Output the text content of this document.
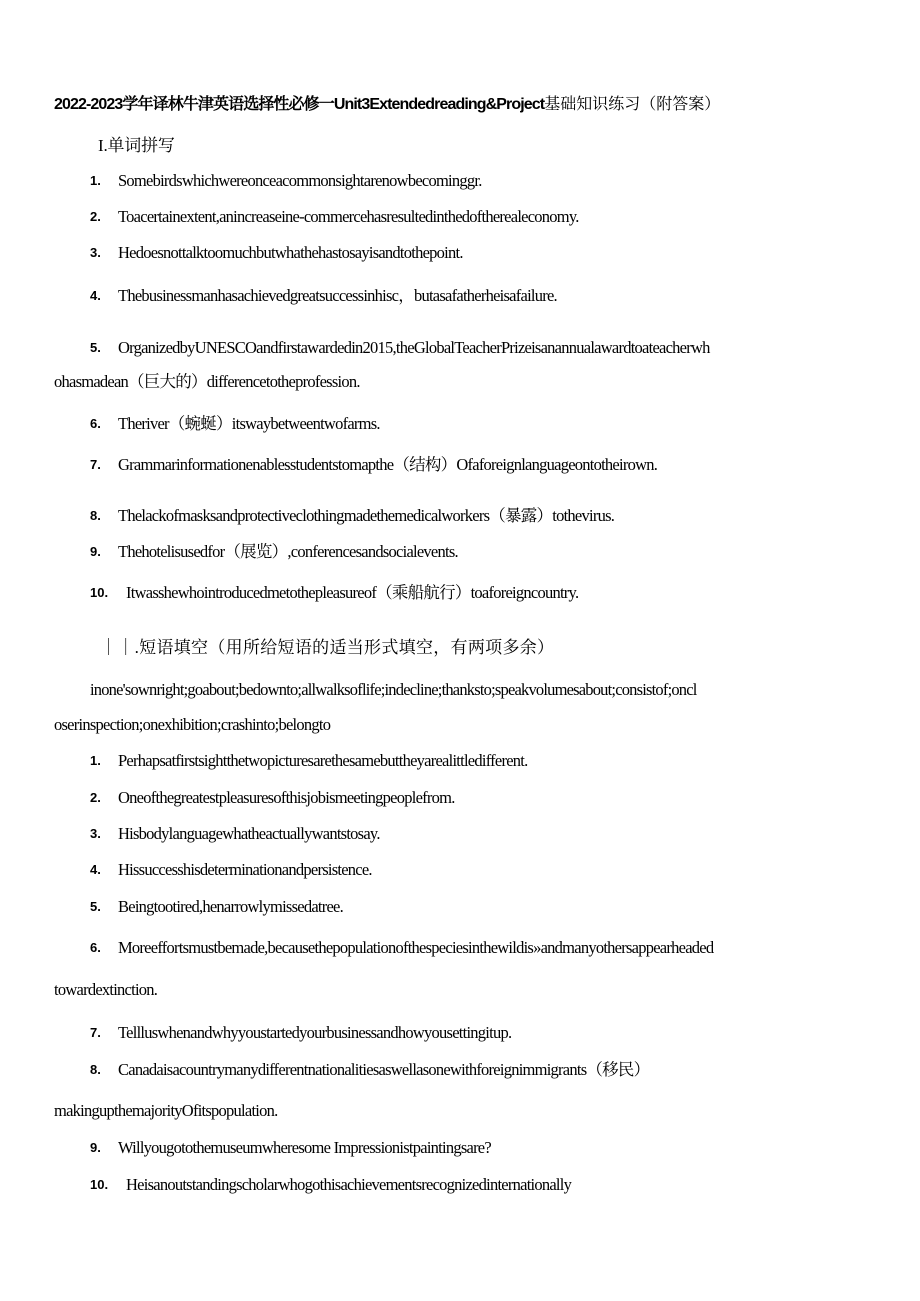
2022-2023学年译林牛津英语选择性必修一Unit3Extendedreading&Project基础知识练习（附答案）
I.单词拼写
1. Somebirdswhichwereonceacommonsightarenowbecominggr.
2. Toacertainextent,anincreaseine-commercehasresultedinthedoftherealeconomy.
3. Hedoesnottalktoomuchbutwhathehastosayisandtothepoint.
4. Thebusinessmanhasachievedgreatsuccessinhisc，butasafatherheisafailure.
5. OrganizedbyUNESCOandfirstawardedin2015,theGlobalTeacherPrizeisanannualawardtoateacherwh
ohasmadean（巨大的）differencetotheprofession.
6. Theriver（蜿蜒）itswaybetweentwofarms.
7. Grammarinformationenablesstudentstomapthe（结构）Ofaforeignlanguageontotheirown.
8. Thelackofmasksandprotectiveclothingmadethemedicalworkers（暴露）tothevirus.
9. Thehotelisusedfor（展览）,conferencesandsocialevents.
10. Itwasshewhointroducedmetothepleasureof（乘船航行）toaforeigncountry.
｜｜.短语填空（用所给短语的适当形式填空，有两项多余）
inone'sownright;goabout;bedownto;allwalksoflife;indecline;thanksto;speakvolumesabout;consistof;oncl
oserinspection;onexhibition;crashinto;belongto
1. Perhapsatfirstsightthetwopicturesarethesamebuttheyarealittledifferent.
2. Oneofthegreatestpleasuresofthisjobismeetingpeoplefrom.
3. Hisbodylanguagewhatheactuallywantstosay.
4. Hissuccesshisdeterminationandpersistence.
5. Beingtootired,henarrowlymissedatree.
6. Moreeffortsmustbemade,becausethepopulationofthespeciesinthewildis»andmanyothersappearheaded
towardextinction.
7. Tellluswhenandwhyyoustartedyourbusinessandhowyousettingitup.
8. Canadaisacountrymanydifferentnationalitiesaswellasonewithforeignimmigrants（移民）
makingupthemajorityOfitspopulation.
9. Willyougotothemuseumwheresome Impressionistpaintingsare?
10. Heisanoutstandingscholarwhogothisachievementsrecognizedinternationally
